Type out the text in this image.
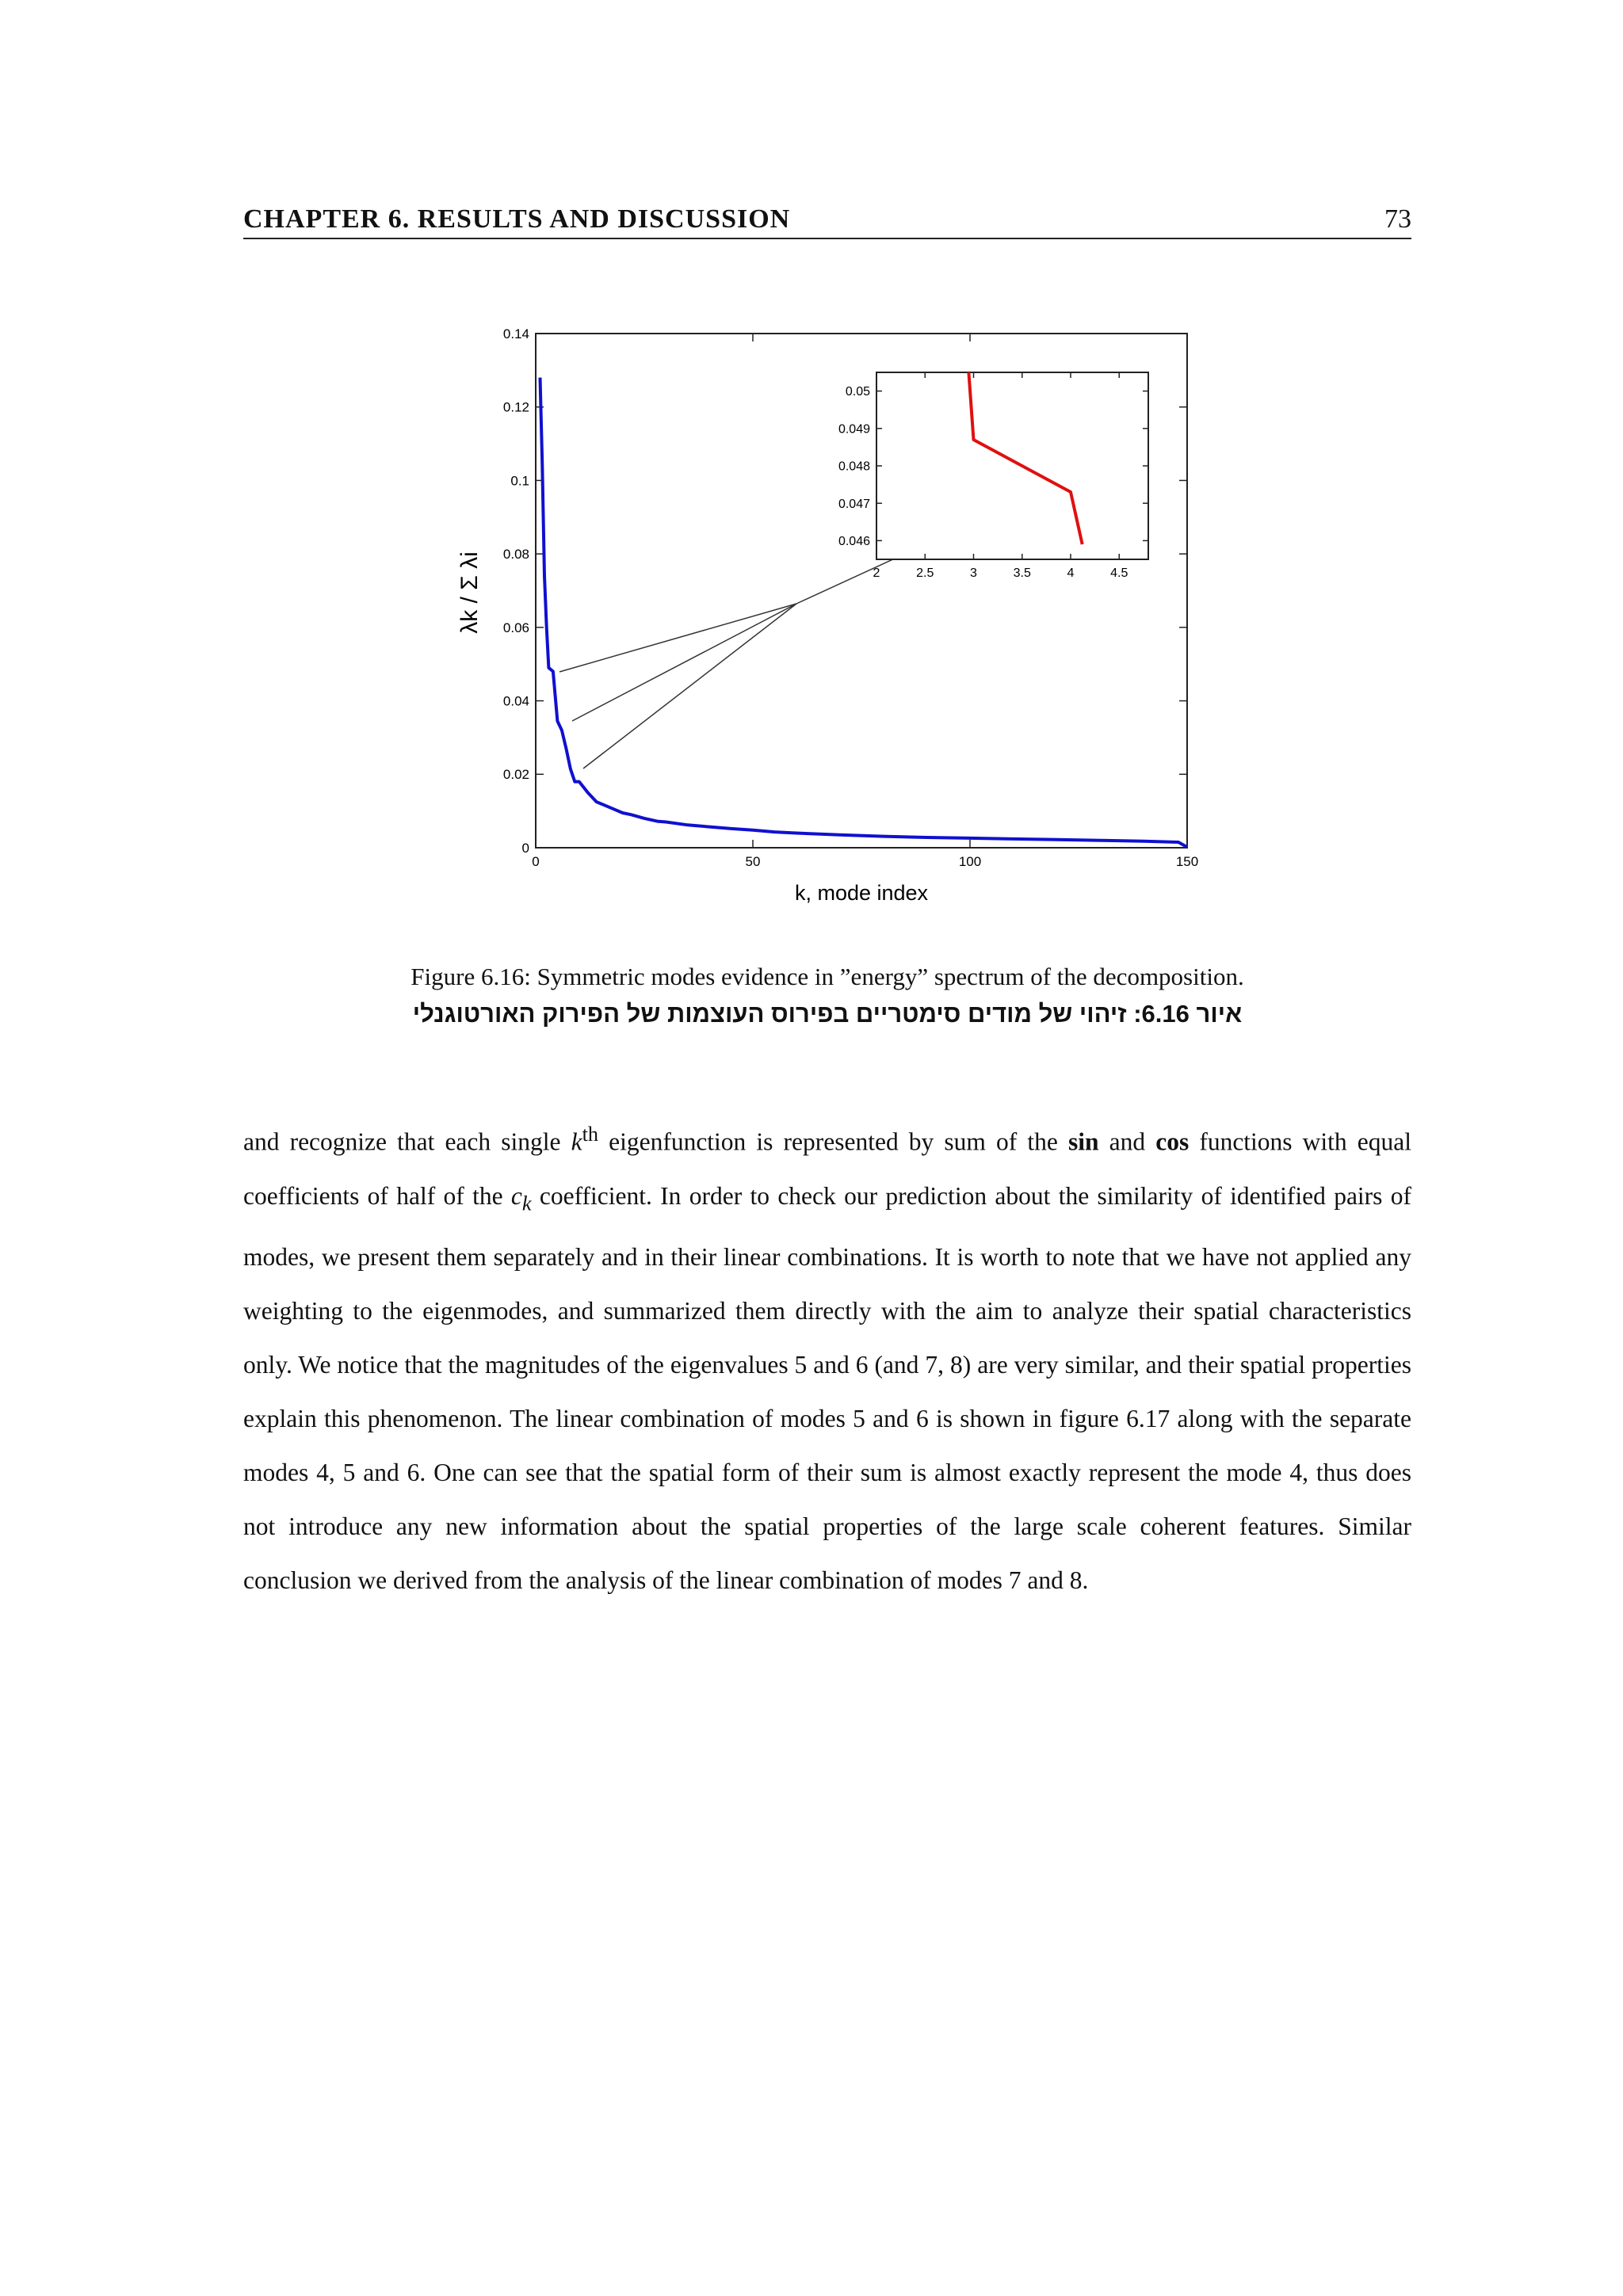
CHAPTER 6. RESULTS AND DISCUSSION	73
0
0.02
0.04
0.06
0.08
0.1
0.12
0.14
0	50	100	150
k, mode index
λk / Σ λi
0.046
0.047
0.048
0.049
0.05
2	2.5	3	3.5	4	4.5
Figure 6.16: Symmetric modes evidence in ”energy” spectrum of the decomposition.
איור 6.16: זיהוי של מודים סימטריים בפירוס העוצמות של הפירוק האורטוגנלי
and recognize that each single $k^{th}$ eigenfunction is represented by sum of the sin and cos functions with equal coefficients of half of the $c_k$ coefficient. In order to check our prediction about the similarity of identified pairs of modes, we present them separately and in their linear combinations. It is worth to note that we have not applied any weighting to the eigenmodes, and summarized them directly with the aim to analyze their spatial characteristics only. We notice that the magnitudes of the eigenvalues 5 and 6 (and 7, 8) are very similar, and their spatial properties explain this phenomenon. The linear combination of modes 5 and 6 is shown in figure 6.17 along with the separate modes 4, 5 and 6. One can see that the spatial form of their sum is almost exactly represent the mode 4, thus does not introduce any new information about the spatial properties of the large scale coherent features. Similar conclusion we derived from the analysis of the linear combination of modes 7 and 8.
